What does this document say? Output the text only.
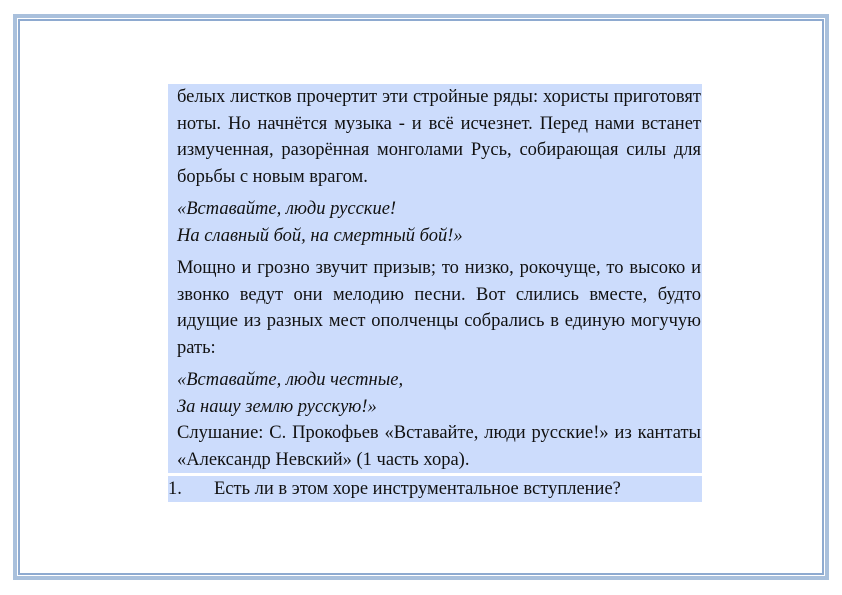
белых листков прочертит эти стройные ряды: хористы приготовят ноты. Но начнётся музыка - и всё исчезнет. Перед нами встанет измученная, разорённая монголами Русь, собирающая силы для борьбы с новым врагом.
«Вставайте, люди русские!
На славный бой, на смертный бой!»
Мощно и грозно звучит призыв; то низко, рокочуще, то высоко и звонко ведут они мелодию песни. Вот слились вместе, будто идущие из разных мест ополченцы собрались в единую могучую рать:
«Вставайте, люди честные,
За нашу землю русскую!»
Слушание: С. Прокофьев «Вставайте, люди русские!» из кантаты «Александр Невский» (1 часть хора).
1.	Есть ли в этом хоре инструментальное вступление?
